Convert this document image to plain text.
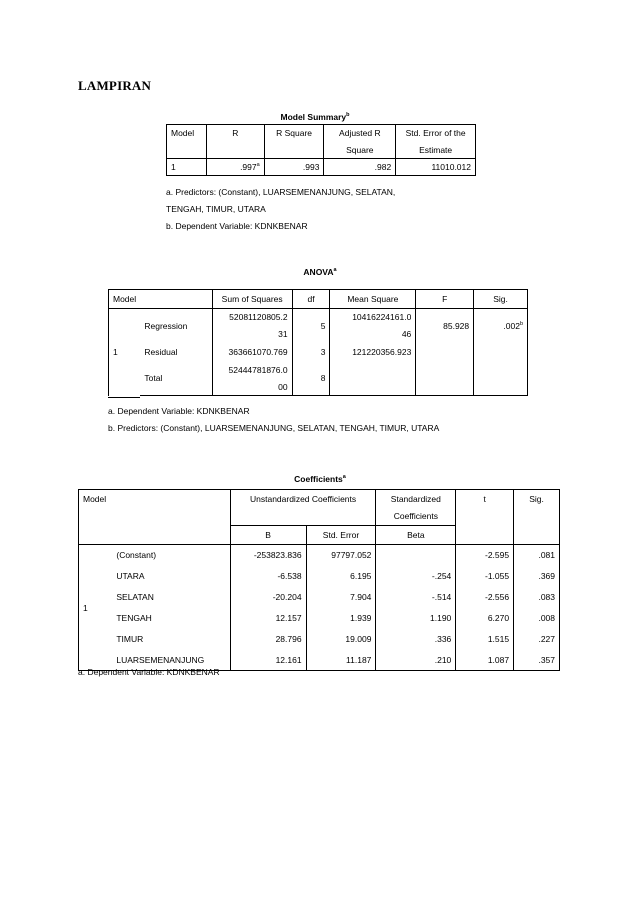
LAMPIRAN
Model Summary$^b$
Model	R	R Square	Adjusted R	Std. Error of the
			Square	Estimate
1	.997$^a$	.993	.982	11010.012
a. Predictors: (Constant), LUARSEMENANJUNG, SELATAN,
TENGAH, TIMUR, UTARA
b. Dependent Variable: KDNKBENAR
ANOVA$^a$
Model		Sum of Squares	df	Mean Square	F	Sig.
1	Regression	52081120805.2	5	10416224161.0	85.928	.002$^b$
		31		46		
	Residual	363661070.769	3	121220356.923		
	Total	52444781876.0	8			
		00				
a. Dependent Variable: KDNKBENAR
b. Predictors: (Constant), LUARSEMENANJUNG, SELATAN, TENGAH, TIMUR, UTARA
Coefficients$^a$
Model		Unstandardized Coefficients		Standardized	t	Sig.
				Coefficients		
		B	Std. Error	Beta		
1	(Constant)	-253823.836	97797.052		-2.595	.081
	UTARA	-6.538	6.195	-.254	-1.055	.369
	SELATAN	-20.204	7.904	-.514	-2.556	.083
	TENGAH	12.157	1.939	1.190	6.270	.008
	TIMUR	28.796	19.009	.336	1.515	.227
	LUARSEMENANJUNG	12.161	11.187	.210	1.087	.357
a. Dependent Variable: KDNKBENAR
